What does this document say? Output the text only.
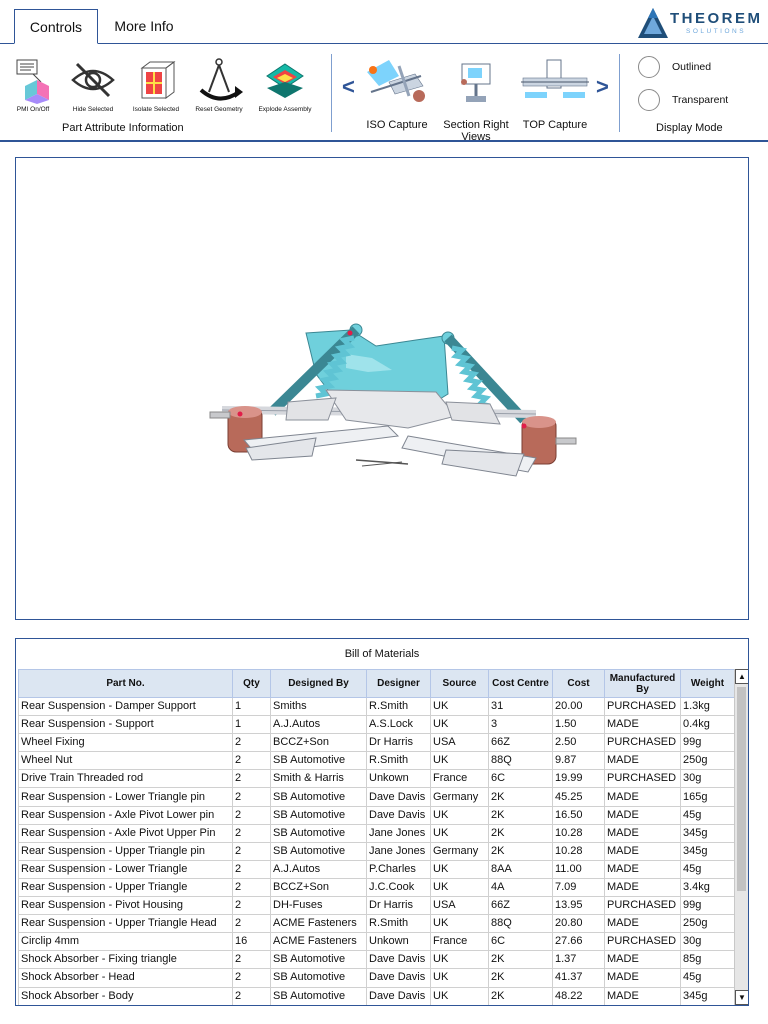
Controls	More Info	THEOREM
SOLUTIONS
PMI On/Off	Hide Selected	Isolate Selected	Reset Geometry	Explode Assembly
Part Attribute Information
<
ISO Capture	Section Right Views
TOP Capture
>
Outlined
Transparent
Display Mode
Bill of Materials
Part No.	Qty	Designed By	Designer	Source	Cost Centre	Cost	Manufactured By	Weight
Rear Suspension - Damper Support	1	Smiths	R.Smith	UK	31	20.00	PURCHASED	1.3kg
Rear Suspension - Support	1	A.J.Autos	A.S.Lock	UK	3	1.50	MADE	0.4kg
Wheel Fixing	2	BCCZ+Son	Dr Harris	USA	66Z	2.50	PURCHASED	99g
Wheel Nut	2	SB Automotive	R.Smith	UK	88Q	9.87	MADE	250g
Drive Train Threaded rod	2	Smith & Harris	Unkown	France	6C	19.99	PURCHASED	30g
Rear Suspension - Lower Triangle pin	2	SB Automotive	Dave Davis	Germany	2K	45.25	MADE	165g
Rear Suspension - Axle Pivot Lower pin	2	SB Automotive	Dave Davis	UK	2K	16.50	MADE	45g
Rear Suspension - Axle Pivot Upper Pin	2	SB Automotive	Jane Jones	UK	2K	10.28	MADE	345g
Rear Suspension - Upper Triangle pin	2	SB Automotive	Jane Jones	Germany	2K	10.28	MADE	345g
Rear Suspension - Lower Triangle	2	A.J.Autos	P.Charles	UK	8AA	11.00	MADE	45g
Rear Suspension - Upper Triangle	2	BCCZ+Son	J.C.Cook	UK	4A	7.09	MADE	3.4kg
Rear Suspension - Pivot Housing	2	DH-Fuses	Dr Harris	USA	66Z	13.95	PURCHASED	99g
Rear Suspension - Upper Triangle Head	2	ACME Fasteners	R.Smith	UK	88Q	20.80	MADE	250g
Circlip 4mm	16	ACME Fasteners	Unkown	France	6C	27.66	PURCHASED	30g
Shock Absorber - Fixing triangle	2	SB Automotive	Dave Davis	UK	2K	1.37	MADE	85g
Shock Absorber - Head	2	SB Automotive	Dave Davis	UK	2K	41.37	MADE	45g
Shock Absorber - Body	2	SB Automotive	Dave Davis	UK	2K	48.22	MADE	345g
▲
▼
